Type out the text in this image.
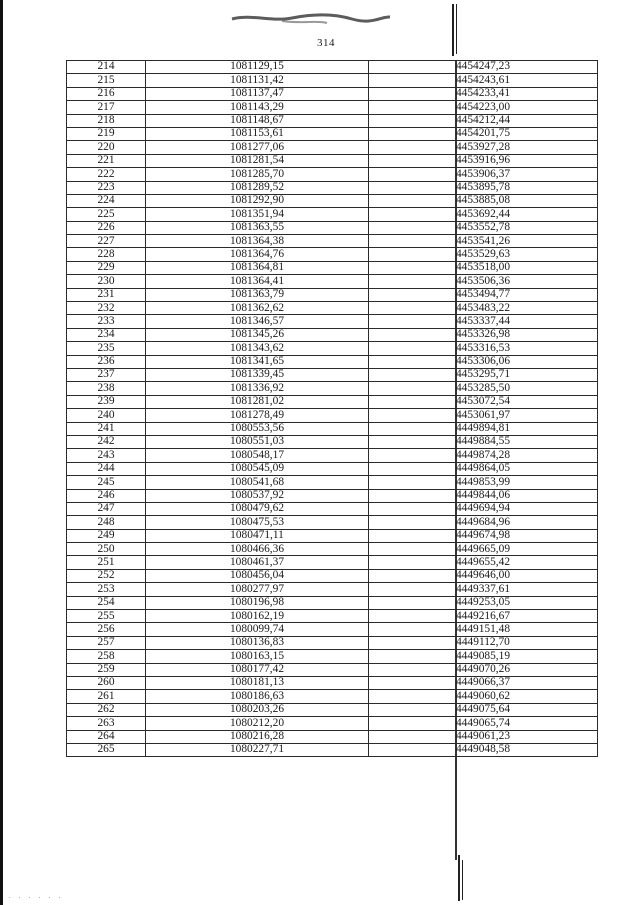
314
214	1081129,15	4454247,23
215	1081131,42	4454243,61
216	1081137,47	4454233,41
217	1081143,29	4454223,00
218	1081148,67	4454212,44
219	1081153,61	4454201,75
220	1081277,06	4453927,28
221	1081281,54	4453916,96
222	1081285,70	4453906,37
223	1081289,52	4453895,78
224	1081292,90	4453885,08
225	1081351,94	4453692,44
226	1081363,55	4453552,78
227	1081364,38	4453541,26
228	1081364,76	4453529,63
229	1081364,81	4453518,00
230	1081364,41	4453506,36
231	1081363,79	4453494,77
232	1081362,62	4453483,22
233	1081346,57	4453337,44
234	1081345,26	4453326,98
235	1081343,62	4453316,53
236	1081341,65	4453306,06
237	1081339,45	4453295,71
238	1081336,92	4453285,50
239	1081281,02	4453072,54
240	1081278,49	4453061,97
241	1080553,56	4449894,81
242	1080551,03	4449884,55
243	1080548,17	4449874,28
244	1080545,09	4449864,05
245	1080541,68	4449853,99
246	1080537,92	4449844,06
247	1080479,62	4449694,94
248	1080475,53	4449684,96
249	1080471,11	4449674,98
250	1080466,36	4449665,09
251	1080461,37	4449655,42
252	1080456,04	4449646,00
253	1080277,97	4449337,61
254	1080196,98	4449253,05
255	1080162,19	4449216,67
256	1080099,74	4449151,48
257	1080136,83	4449112,70
258	1080163,15	4449085,19
259	1080177,42	4449070,26
260	1080181,13	4449066,37
261	1080186,63	4449060,62
262	1080203,26	4449075,64
263	1080212,20	4449065,74
264	1080216,28	4449061,23
265	1080227,71	4449048,58
· · · · · ·
